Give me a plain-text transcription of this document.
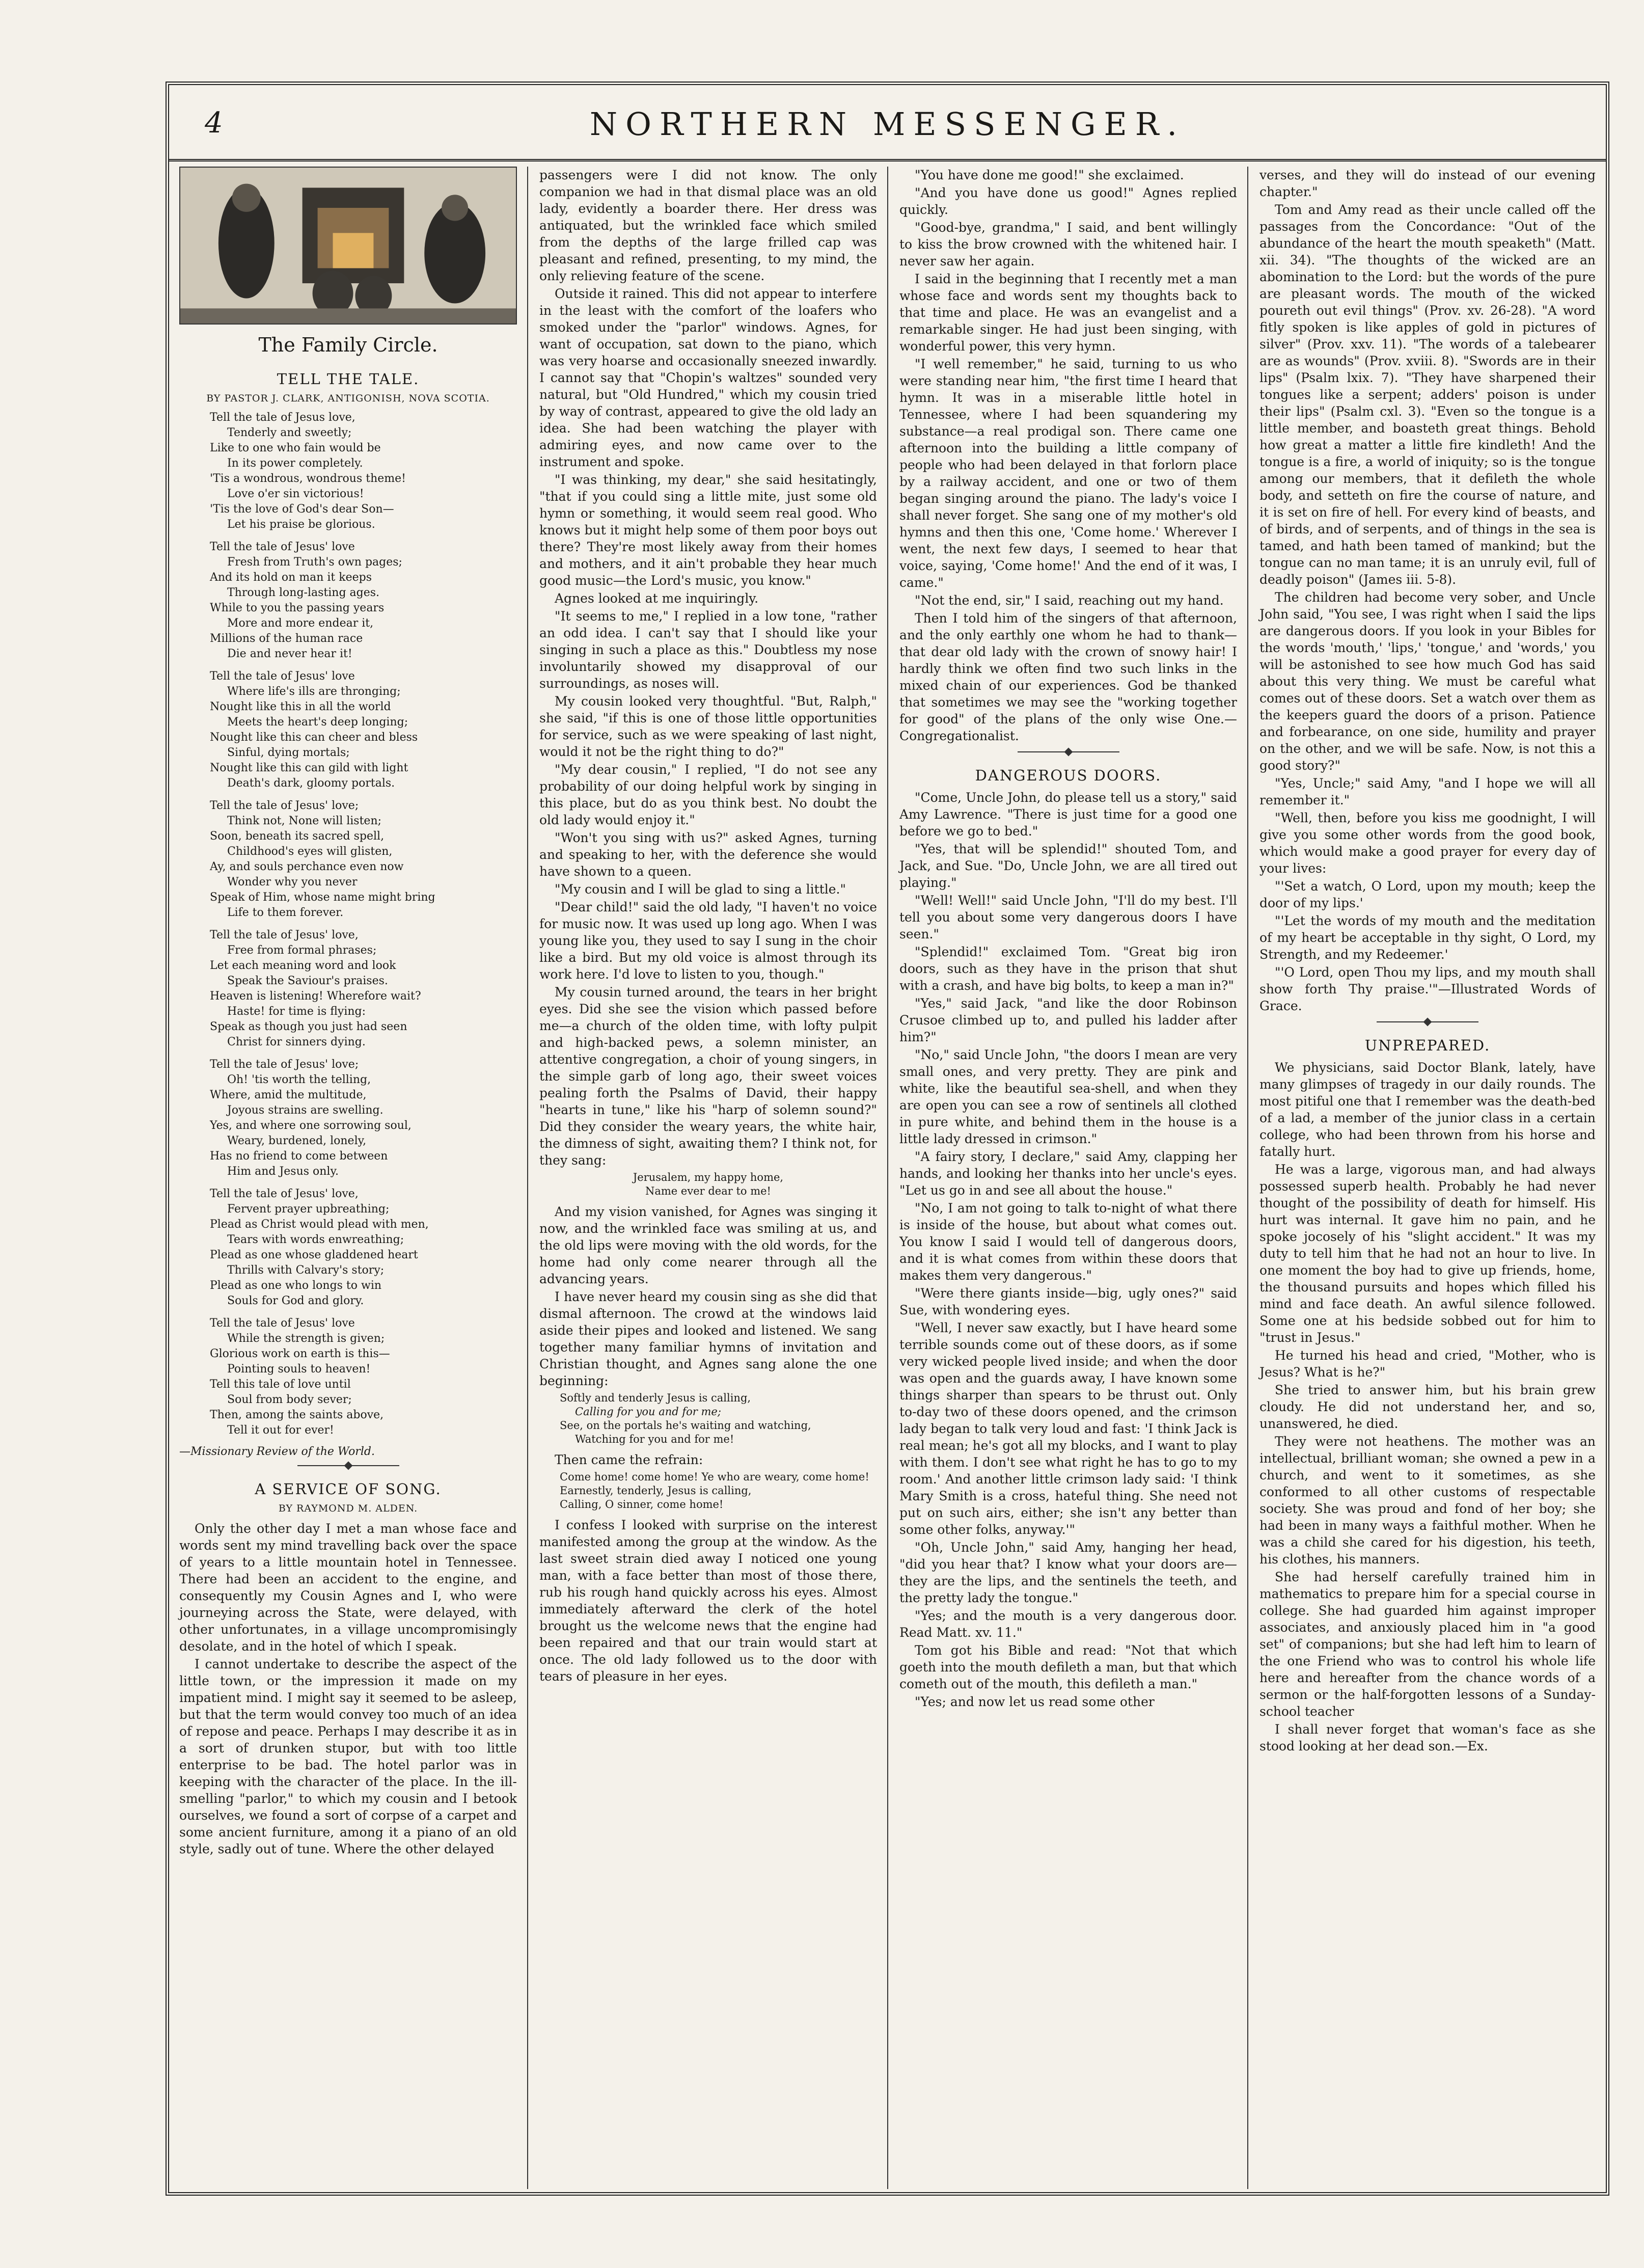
4	NORTHERN MESSENGER.
The Family Circle.
TELL THE TALE.
BY PASTOR J. CLARK, ANTIGONISH, NOVA SCOTIA.
Tell the tale of Jesus love,
Tenderly and sweetly;
Like to one who fain would be
In its power completely.
'Tis a wondrous, wondrous theme!
Love o'er sin victorious!
'Tis the love of God's dear Son—
Let his praise be glorious.
Tell the tale of Jesus' love
Fresh from Truth's own pages;
And its hold on man it keeps
Through long-lasting ages.
While to you the passing years
More and more endear it,
Millions of the human race
Die and never hear it!
Tell the tale of Jesus' love
Where life's ills are thronging;
Nought like this in all the world
Meets the heart's deep longing;
Nought like this can cheer and bless
Sinful, dying mortals;
Nought like this can gild with light
Death's dark, gloomy portals.
Tell the tale of Jesus' love;
Think not, None will listen;
Soon, beneath its sacred spell,
Childhood's eyes will glisten,
Ay, and souls perchance even now
Wonder why you never
Speak of Him, whose name might bring
Life to them forever.
Tell the tale of Jesus' love,
Free from formal phrases;
Let each meaning word and look
Speak the Saviour's praises.
Heaven is listening! Wherefore wait?
Haste! for time is flying:
Speak as though you just had seen
Christ for sinners dying.
Tell the tale of Jesus' love;
Oh! 'tis worth the telling,
Where, amid the multitude,
Joyous strains are swelling.
Yes, and where one sorrowing soul,
Weary, burdened, lonely,
Has no friend to come between
Him and Jesus only.
Tell the tale of Jesus' love,
Fervent prayer upbreathing;
Plead as Christ would plead with men,
Tears with words enwreathing;
Plead as one whose gladdened heart
Thrills with Calvary's story;
Plead as one who longs to win
Souls for God and glory.
Tell the tale of Jesus' love
While the strength is given;
Glorious work on earth is this—
Pointing souls to heaven!
Tell this tale of love until
Soul from body sever;
Then, among the saints above,
Tell it out for ever!
—Missionary Review of the World.
A SERVICE OF SONG.
BY RAYMOND M. ALDEN.

Only the other day I met a man whose face and words sent my mind travelling back over the space of years to a little mountain hotel in Tennessee. There had been an accident to the engine, and consequently my Cousin Agnes and I, who were journeying across the State, were delayed, with other unfortunates, in a village uncompromisingly desolate, and in the hotel of which I speak.

I cannot undertake to describe the aspect of the little town, or the impression it made on my impatient mind. I might say it seemed to be asleep, but that the term would convey too much of an idea of repose and peace. Perhaps I may describe it as in a sort of drunken stupor, but with too little enterprise to be bad. The hotel parlor was in keeping with the character of the place. In the ill-smelling "parlor," to which my cousin and I betook ourselves, we found a sort of corpse of a carpet and some ancient furniture, among it a piano of an old style, sadly out of tune. Where the other delayed

passengers were I did not know. The only companion we had in that dismal place was an old lady, evidently a boarder there. Her dress was antiquated, but the wrinkled face which smiled from the depths of the large frilled cap was pleasant and refined, presenting, to my mind, the only relieving feature of the scene.

Outside it rained. This did not appear to interfere in the least with the comfort of the loafers who smoked under the "parlor" windows. Agnes, for want of occupation, sat down to the piano, which was very hoarse and occasionally sneezed inwardly. I cannot say that "Chopin's waltzes" sounded very natural, but "Old Hundred," which my cousin tried by way of contrast, appeared to give the old lady an idea. She had been watching the player with admiring eyes, and now came over to the instrument and spoke.

"I was thinking, my dear," she said hesitatingly, "that if you could sing a little mite, just some old hymn or something, it would seem real good. Who knows but it might help some of them poor boys out there? They're most likely away from their homes and mothers, and it ain't probable they hear much good music—the Lord's music, you know."

Agnes looked at me inquiringly.

"It seems to me," I replied in a low tone, "rather an odd idea. I can't say that I should like your singing in such a place as this." Doubtless my nose involuntarily showed my disapproval of our surroundings, as noses will.

My cousin looked very thoughtful. "But, Ralph," she said, "if this is one of those little opportunities for service, such as we were speaking of last night, would it not be the right thing to do?"

"My dear cousin," I replied, "I do not see any probability of our doing helpful work by singing in this place, but do as you think best. No doubt the old lady would enjoy it."

"Won't you sing with us?" asked Agnes, turning and speaking to her, with the deference she would have shown to a queen.

"My cousin and I will be glad to sing a little."

"Dear child!" said the old lady, "I haven't no voice for music now. It was used up long ago. When I was young like you, they used to say I sung in the choir like a bird. But my old voice is almost through its work here. I'd love to listen to you, though."

My cousin turned around, the tears in her bright eyes. Did she see the vision which passed before me—a church of the olden time, with lofty pulpit and high-backed pews, a solemn minister, an attentive congregation, a choir of young singers, in the simple garb of long ago, their sweet voices pealing forth the Psalms of David, their happy "hearts in tune," like his "harp of solemn sound?" Did they consider the weary years, the white hair, the dimness of sight, awaiting them? I think not, for they sang:

Jerusalem, my happy home,
Name ever dear to me!

And my vision vanished, for Agnes was singing it now, and the wrinkled face was smiling at us, and the old lips were moving with the old words, for the home had only come nearer through all the advancing years.

I have never heard my cousin sing as she did that dismal afternoon. The crowd at the windows laid aside their pipes and looked and listened. We sang together many familiar hymns of invitation and Christian thought, and Agnes sang alone the one beginning:

Softly and tenderly Jesus is calling,
Calling for you and for me;
See, on the portals he's waiting and watching,
Watching for you and for me!

Then came the refrain:

Come home! come home! Ye who are weary, come home!
Earnestly, tenderly, Jesus is calling,
Calling, O sinner, come home!

I confess I looked with surprise on the interest manifested among the group at the window. As the last sweet strain died away I noticed one young man, with a face better than most of those there, rub his rough hand quickly across his eyes. Almost immediately afterward the clerk of the hotel brought us the welcome news that the engine had been repaired and that our train would start at once. The old lady followed us to the door with tears of pleasure in her eyes.

"You have done me good!" she exclaimed.

"And you have done us good!" Agnes replied quickly.

"Good-bye, grandma," I said, and bent willingly to kiss the brow crowned with the whitened hair. I never saw her again.

I said in the beginning that I recently met a man whose face and words sent my thoughts back to that time and place. He was an evangelist and a remarkable singer. He had just been singing, with wonderful power, this very hymn.

"I well remember," he said, turning to us who were standing near him, "the first time I heard that hymn. It was in a miserable little hotel in Tennessee, where I had been squandering my substance—a real prodigal son. There came one afternoon into the building a little company of people who had been delayed in that forlorn place by a railway accident, and one or two of them began singing around the piano. The lady's voice I shall never forget. She sang one of my mother's old hymns and then this one, 'Come home.' Wherever I went, the next few days, I seemed to hear that voice, saying, 'Come home!' And the end of it was, I came."

"Not the end, sir," I said, reaching out my hand.

Then I told him of the singers of that afternoon, and the only earthly one whom he had to thank—that dear old lady with the crown of snowy hair! I hardly think we often find two such links in the mixed chain of our experiences. God be thanked that sometimes we may see the "working together for good" of the plans of the only wise One.—Congregationalist.

DANGEROUS DOORS.

"Come, Uncle John, do please tell us a story," said Amy Lawrence. "There is just time for a good one before we go to bed."

"Yes, that will be splendid!" shouted Tom, and Jack, and Sue. "Do, Uncle John, we are all tired out playing."

"Well! Well!" said Uncle John, "I'll do my best. I'll tell you about some very dangerous doors I have seen."

"Splendid!" exclaimed Tom. "Great big iron doors, such as they have in the prison that shut with a crash, and have big bolts, to keep a man in?"

"Yes," said Jack, "and like the door Robinson Crusoe climbed up to, and pulled his ladder after him?"

"No," said Uncle John, "the doors I mean are very small ones, and very pretty. They are pink and white, like the beautiful sea-shell, and when they are open you can see a row of sentinels all clothed in pure white, and behind them in the house is a little lady dressed in crimson."

"A fairy story, I declare," said Amy, clapping her hands, and looking her thanks into her uncle's eyes. "Let us go in and see all about the house."

"No, I am not going to talk to-night of what there is inside of the house, but about what comes out. You know I said I would tell of dangerous doors, and it is what comes from within these doors that makes them very dangerous."

"Were there giants inside—big, ugly ones?" said Sue, with wondering eyes.

"Well, I never saw exactly, but I have heard some terrible sounds come out of these doors, as if some very wicked people lived inside; and when the door was open and the guards away, I have known some things sharper than spears to be thrust out. Only to-day two of these doors opened, and the crimson lady began to talk very loud and fast: 'I think Jack is real mean; he's got all my blocks, and I want to play with them. I don't see what right he has to go to my room.' And another little crimson lady said: 'I think Mary Smith is a cross, hateful thing. She need not put on such airs, either; she isn't any better than some other folks, anyway.'"

"Oh, Uncle John," said Amy, hanging her head, "did you hear that? I know what your doors are—they are the lips, and the sentinels the teeth, and the pretty lady the tongue."

"Yes; and the mouth is a very dangerous door. Read Matt. xv. 11."

Tom got his Bible and read: "Not that which goeth into the mouth defileth a man, but that which cometh out of the mouth, this defileth a man."

"Yes; and now let us read some other

verses, and they will do instead of our evening chapter."

Tom and Amy read as their uncle called off the passages from the Concordance: "Out of the abundance of the heart the mouth speaketh" (Matt. xii. 34). "The thoughts of the wicked are an abomination to the Lord: but the words of the pure are pleasant words. The mouth of the wicked poureth out evil things" (Prov. xv. 26-28). "A word fitly spoken is like apples of gold in pictures of silver" (Prov. xxv. 11). "The words of a talebearer are as wounds" (Prov. xviii. 8). "Swords are in their lips" (Psalm lxix. 7). "They have sharpened their tongues like a serpent; adders' poison is under their lips" (Psalm cxl. 3). "Even so the tongue is a little member, and boasteth great things. Behold how great a matter a little fire kindleth! And the tongue is a fire, a world of iniquity; so is the tongue among our members, that it defileth the whole body, and setteth on fire the course of nature, and it is set on fire of hell. For every kind of beasts, and of birds, and of serpents, and of things in the sea is tamed, and hath been tamed of mankind; but the tongue can no man tame; it is an unruly evil, full of deadly poison" (James iii. 5-8).

The children had become very sober, and Uncle John said, "You see, I was right when I said the lips are dangerous doors. If you look in your Bibles for the words 'mouth,' 'lips,' 'tongue,' and 'words,' you will be astonished to see how much God has said about this very thing. We must be careful what comes out of these doors. Set a watch over them as the keepers guard the doors of a prison. Patience and forbearance, on one side, humility and prayer on the other, and we will be safe. Now, is not this a good story?"

"Yes, Uncle;" said Amy, "and I hope we will all remember it."

"Well, then, before you kiss me goodnight, I will give you some other words from the good book, which would make a good prayer for every day of your lives:

"'Set a watch, O Lord, upon my mouth; keep the door of my lips.'

"'Let the words of my mouth and the meditation of my heart be acceptable in thy sight, O Lord, my Strength, and my Redeemer.'

"'O Lord, open Thou my lips, and my mouth shall show forth Thy praise.'"—Illustrated Words of Grace.

UNPREPARED.

We physicians, said Doctor Blank, lately, have many glimpses of tragedy in our daily rounds. The most pitiful one that I remember was the death-bed of a lad, a member of the junior class in a certain college, who had been thrown from his horse and fatally hurt.

He was a large, vigorous man, and had always possessed superb health. Probably he had never thought of the possibility of death for himself. His hurt was internal. It gave him no pain, and he spoke jocosely of his "slight accident." It was my duty to tell him that he had not an hour to live. In one moment the boy had to give up friends, home, the thousand pursuits and hopes which filled his mind and face death. An awful silence followed. Some one at his bedside sobbed out for him to "trust in Jesus."

He turned his head and cried, "Mother, who is Jesus? What is he?"

She tried to answer him, but his brain grew cloudy. He did not understand her, and so, unanswered, he died.

They were not heathens. The mother was an intellectual, brilliant woman; she owned a pew in a church, and went to it sometimes, as she conformed to all other customs of respectable society. She was proud and fond of her boy; she had been in many ways a faithful mother. When he was a child she cared for his digestion, his teeth, his clothes, his manners.

She had herself carefully trained him in mathematics to prepare him for a special course in college. She had guarded him against improper associates, and anxiously placed him in "a good set" of companions; but she had left him to learn of the one Friend who was to control his whole life here and hereafter from the chance words of a sermon or the half-forgotten lessons of a Sunday-school teacher

I shall never forget that woman's face as she stood looking at her dead son.—Ex.
